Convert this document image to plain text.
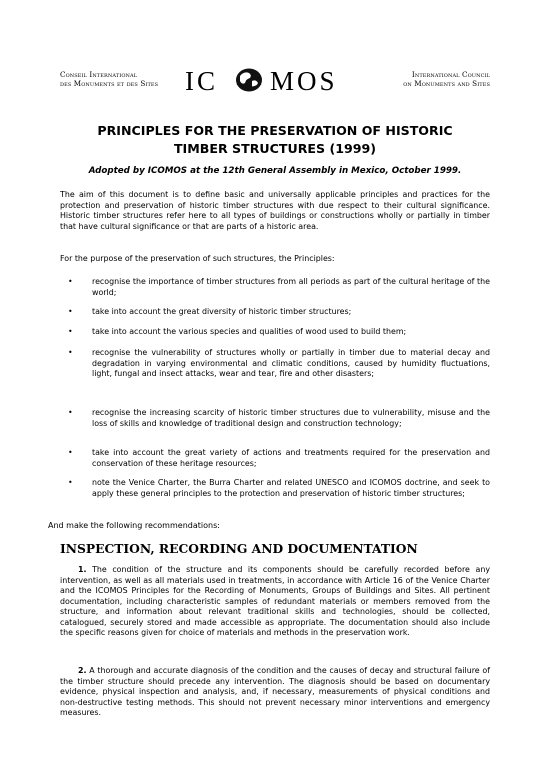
Conseil International
des Monuments et des Sites IC MOS	International Council
on Monuments and Sites
PRINCIPLES FOR THE PRESERVATION OF HISTORIC
TIMBER STRUCTURES (1999)
Adopted by ICOMOS at the 12th General Assembly in Mexico, October 1999.
The aim of this document is to define basic and universally applicable principles and practices for the protection and preservation of historic timber structures with due respect to their cultural significance. Historic timber structures refer here to all types of buildings or constructions wholly or partially in timber that have cultural significance or that are parts of a historic area.
For the purpose of the preservation of such structures, the Principles:
• recognise the importance of timber structures from all periods as part of the cultural heritage of the world;
• take into account the great diversity of historic timber structures;
• take into account the various species and qualities of wood used to build them;
• recognise the vulnerability of structures wholly or partially in timber due to material decay and degradation in varying environmental and climatic conditions, caused by humidity fluctuations, light, fungal and insect attacks, wear and tear, fire and other disasters;
• recognise the increasing scarcity of historic timber structures due to vulnerability, misuse and the loss of skills and knowledge of traditional design and construction technology;
• take into account the great variety of actions and treatments required for the preservation and conservation of these heritage resources;
• note the Venice Charter, the Burra Charter and related UNESCO and ICOMOS doctrine, and seek to apply these general principles to the protection and preservation of historic timber structures;
And make the following recommendations:
INSPECTION, RECORDING AND DOCUMENTATION
1. The condition of the structure and its components should be carefully recorded before any intervention, as well as all materials used in treatments, in accordance with Article 16 of the Venice Charter and the ICOMOS Principles for the Recording of Monuments, Groups of Buildings and Sites. All pertinent documentation, including characteristic samples of redundant materials or members removed from the structure, and information about relevant traditional skills and technologies, should be collected, catalogued, securely stored and made accessible as appropriate. The documentation should also include the specific reasons given for choice of materials and methods in the preservation work.
2. A thorough and accurate diagnosis of the condition and the causes of decay and structural failure of the timber structure should precede any intervention. The diagnosis should be based on documentary evidence, physical inspection and analysis, and, if necessary, measurements of physical conditions and non-destructive testing methods. This should not prevent necessary minor interventions and emergency measures.
